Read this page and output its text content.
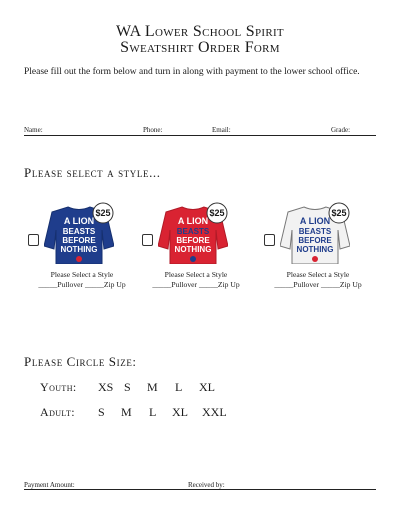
WA Lower School Spirit
Sweatshirt Order Form
Please fill out the form below and turn in along with payment to the lower school office.
Name:	Phone:	Email:	Grade:
Please select a style...
A LION
BEASTS
BEFORE
NOTHING
$25
Please Select a Style
_____Pullover _____Zip Up
A LION
BEASTS
BEFORE
NOTHING
$25
Please Select a Style
_____Pullover _____Zip Up
A LION
BEASTS
BEFORE
NOTHING
$25
Please Select a Style
_____Pullover _____Zip Up
Please Circle Size:
Youth: XS S M L XL
Adult: S M L XL XXL
Payment Amount:	Received by:
